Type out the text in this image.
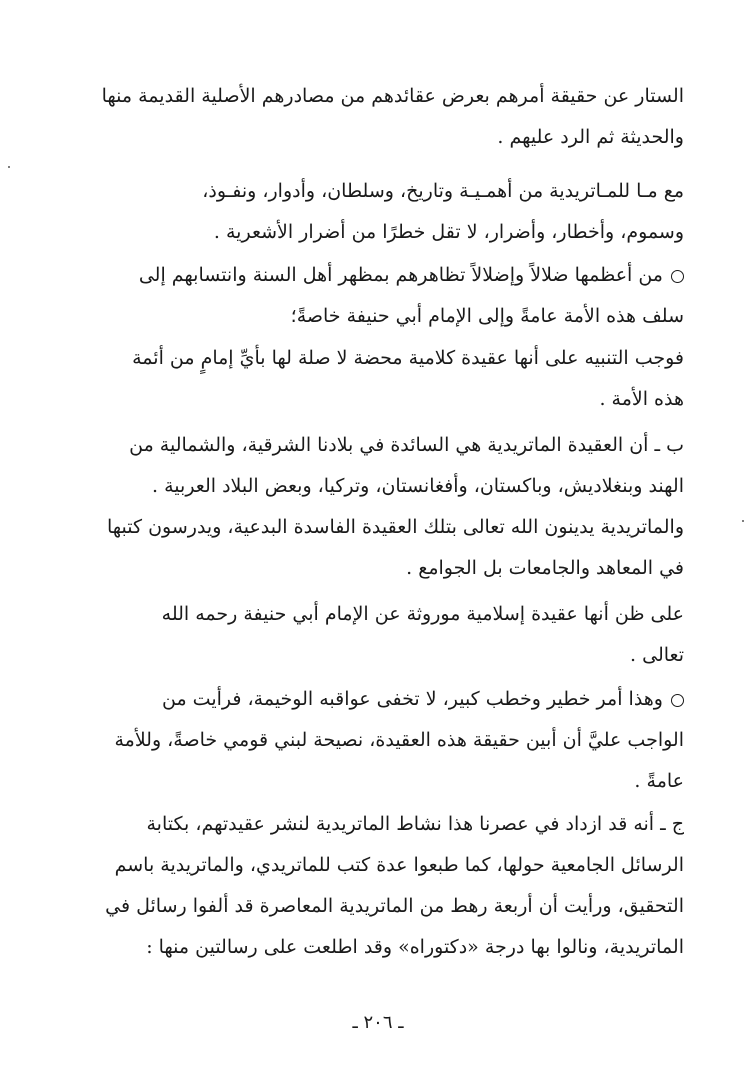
الستار عن حقيقة أمرهم بعرض عقائدهم من مصادرهم الأصلية القديمة منها

والحديثة ثم الرد عليهم .

مع مـا للمـاتريدية من أهمـيـة وتاريخ، وسلطان، وأدوار، ونفـوذ،

وسموم، وأخطار، وأضرار، لا تقل خطرًا من أضرار الأشعرية .

من أعظمها ضلالاً وإضلالاً تظاهرهم بمظهر أهل السنة وانتسابهم إلى

سلف هذه الأمة عامةً وإلى الإمام أبي حنيفة خاصةً؛

فوجب التنبيه على أنها عقيدة كلامية محضة لا صلة لها بأيِّ إمامٍ من أئمة

هذه الأمة .

ب ـ أن العقيدة الماتريدية هي السائدة في بلادنا الشرقية، والشمالية من

الهند وبنغلاديش، وباكستان، وأفغانستان، وتركيا، وبعض البلاد العربية .

والماتريدية يدينون الله تعالى بتلك العقيدة الفاسدة البدعية، ويدرسون كتبها

في المعاهد والجامعات بل الجوامع .

على ظن أنها عقيدة إسلامية موروثة عن الإمام أبي حنيفة رحمه الله

تعالى .

وهذا أمر خطير وخطب كبير، لا تخفى عواقبه الوخيمة، فرأيت من

الواجب عليَّ أن أبين حقيقة هذه العقيدة، نصيحة لبني قومي خاصةً، وللأمة

عامةً .

ج ـ أنه قد ازداد في عصرنا هذا نشاط الماتريدية لنشر عقيدتهم، بكتابة

الرسائل الجامعية حولها، كما طبعوا عدة كتب للماتريدي، والماتريدية باسم

التحقيق، ورأيت أن أربعة رهط من الماتريدية المعاصرة قد ألفوا رسائل في

الماتريدية، ونالوا بها درجة «دكتوراه» وقد اطلعت على رسالتين منها :

ـ ٢٠٦ ـ
